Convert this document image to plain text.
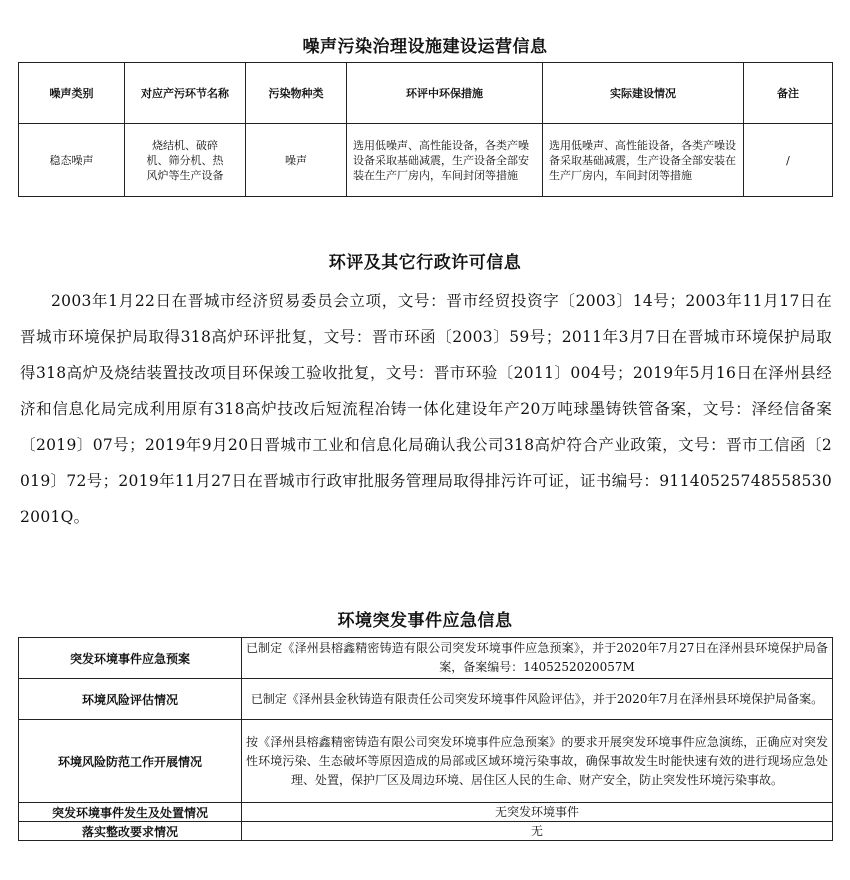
噪声污染治理设施建设运营信息
噪声类别	对应产污环节名称	污染物种类	环评中环保措施	实际建设情况	备注
稳态噪声	烧结机、破碎机、筛分机、热风炉等生产设备	噪声	选用低噪声、高性能设备，各类产噪设备采取基础减震，生产设备全部安装在生产厂房内，车间封闭等措施	选用低噪声、高性能设备，各类产噪设备采取基础减震，生产设备全部安装在生产厂房内，车间封闭等措施	/
环评及其它行政许可信息
2003年1月22日在晋城市经济贸易委员会立项，文号：晋市经贸投资字〔2003〕14号；2003年11月17日在晋城市环境保护局取得318高炉环评批复，文号：晋市环函〔2003〕59号；2011年3月7日在晋城市环境保护局取得318高炉及烧结装置技改项目环保竣工验收批复，文号：晋市环验〔2011〕004号；2019年5月16日在泽州县经济和信息化局完成利用原有318高炉技改后短流程冶铸一体化建设年产20万吨球墨铸铁管备案，文号：泽经信备案〔2019〕07号；2019年9月20日晋城市工业和信息化局确认我公司318高炉符合产业政策，文号：晋市工信函〔2019〕72号；2019年11月27日在晋城市行政审批服务管理局取得排污许可证，证书编号：91140525748558530200​1Q。
环境突发事件应急信息
突发环境事件应急预案	已制定《泽州县榕鑫精密铸造有限公司突发环境事件应急预案》，并于2020年7月27日在泽州县环境保护局备案，备案编号：1405252020057M
环境风险评估情况	已制定《泽州县金秋铸造有限责任公司突发环境事件风险评估》，并于2020年7月在泽州县环境保护局备案。
环境风险防范工作开展情况	按《泽州县榕鑫精密铸造有限公司突发环境事件应急预案》的要求开展突发环境事件应急演练，正确应对突发性环境污染、生态破坏等原因造成的局部或区域环境污染事故，确保事故发生时能快速有效的进行现场应急处理、处置，保护厂区及周边环境、居住区人民的生命、财产安全，防止突发性环境污染事故。
突发环境事件发生及处置情况	无突发环境事件
落实整改要求情况	无
